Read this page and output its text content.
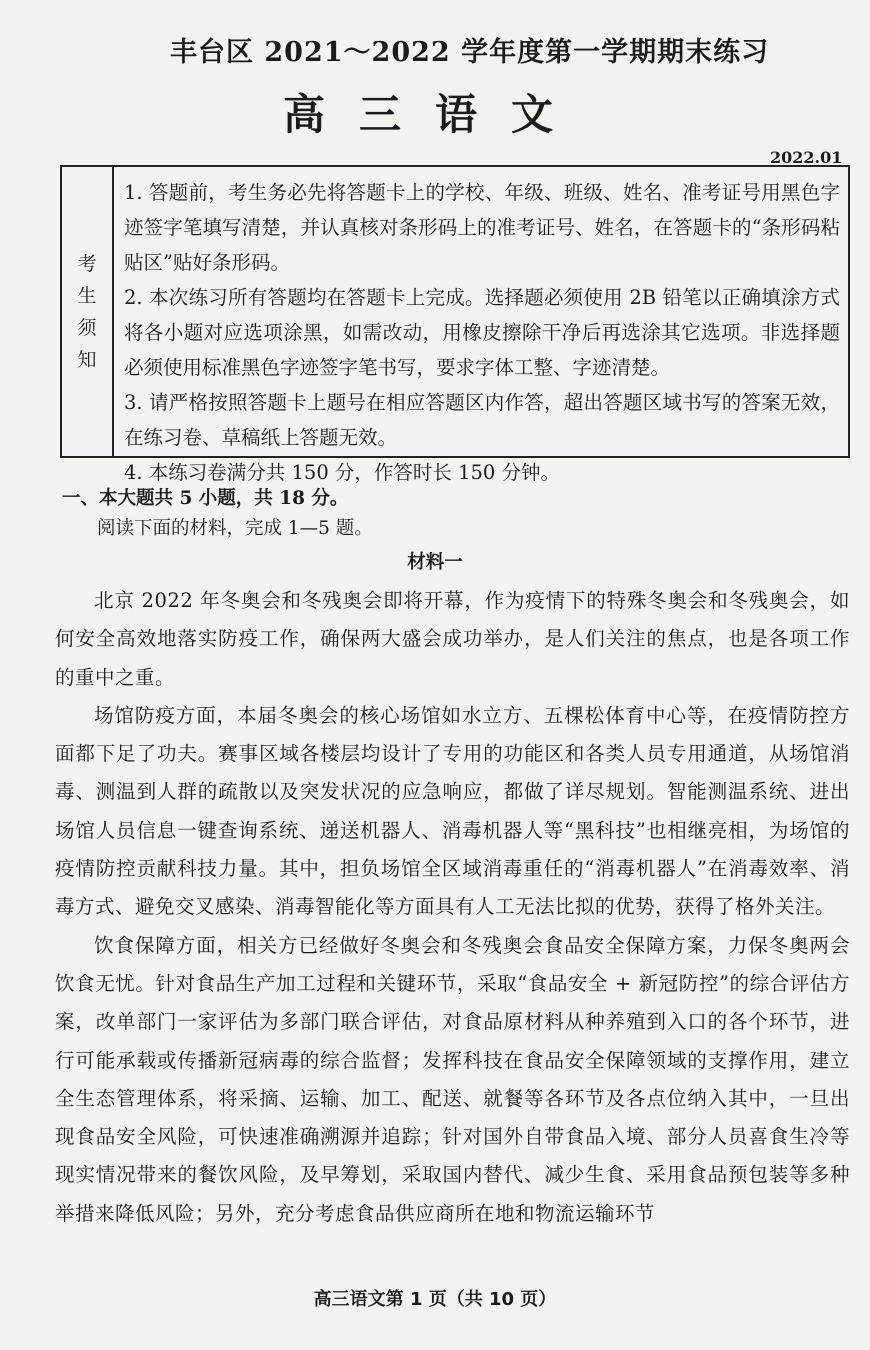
丰台区 2021～2022 学年度第一学期期末练习
高三语文
2022.01
考
生
须
知

1. 答题前，考生务必先将答题卡上的学校、年级、班级、姓名、准考证号用黑色字迹签字笔填写清楚，并认真核对条形码上的准考证号、姓名，在答题卡的“条形码粘贴区”贴好条形码。

2. 本次练习所有答题均在答题卡上完成。选择题必须使用 2B 铅笔以正确填涂方式将各小题对应选项涂黑，如需改动，用橡皮擦除干净后再选涂其它选项。非选择题必须使用标准黑色字迹签字笔书写，要求字体工整、字迹清楚。

3. 请严格按照答题卡上题号在相应答题区内作答，超出答题区域书写的答案无效，在练习卷、草稿纸上答题无效。

4. 本练习卷满分共 150 分，作答时长 150 分钟。

一、本大题共 5 小题，共 18 分。
阅读下面的材料，完成 1—5 题。
材料一

北京 2022 年冬奥会和冬残奥会即将开幕，作为疫情下的特殊冬奥会和冬残奥会，如何安全高效地落实防疫工作，确保两大盛会成功举办，是人们关注的焦点，也是各项工作的重中之重。

场馆防疫方面，本届冬奥会的核心场馆如水立方、五棵松体育中心等，在疫情防控方面都下足了功夫。赛事区域各楼层均设计了专用的功能区和各类人员专用通道，从场馆消毒、测温到人群的疏散以及突发状况的应急响应，都做了详尽规划。智能测温系统、进出场馆人员信息一键查询系统、递送机器人、消毒机器人等“黑科技”也相继亮相，为场馆的疫情防控贡献科技力量。其中，担负场馆全区域消毒重任的“消毒机器人”在消毒效率、消毒方式、避免交叉感染、消毒智能化等方面具有人工无法比拟的优势，获得了格外关注。

饮食保障方面，相关方已经做好冬奥会和冬残奥会食品安全保障方案，力保冬奥两会饮食无忧。针对食品生产加工过程和关键环节，采取“食品安全 + 新冠防控”的综合评估方案，改单部门一家评估为多部门联合评估，对食品原材料从种养殖到入口的各个环节，进行可能承载或传播新冠病毒的综合监督；发挥科技在食品安全保障领域的支撑作用，建立全生态管理体系，将采摘、运输、加工、配送、就餐等各环节及各点位纳入其中，一旦出现食品安全风险，可快速准确溯源并追踪；针对国外自带食品入境、部分人员喜食生冷等现实情况带来的餐饮风险，及早筹划，采取国内替代、减少生食、采用食品预包装等多种举措来降低风险；另外，充分考虑食品供应商所在地和物流运输环节

高三语文第 1 页（共 10 页）
